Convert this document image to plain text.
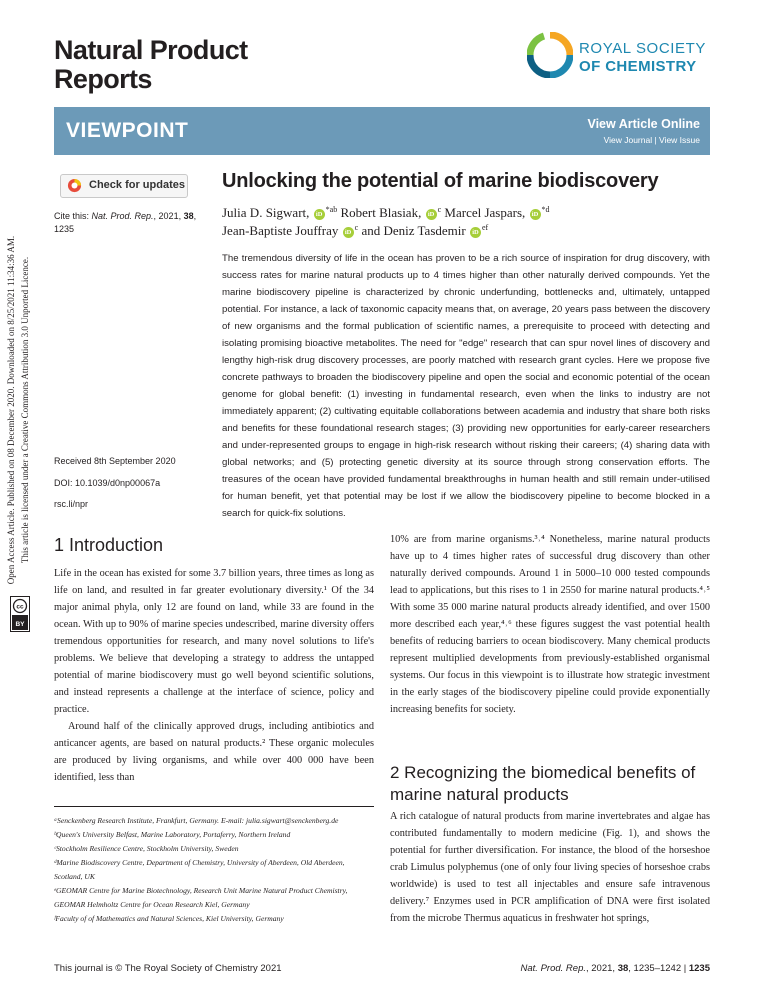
Natural Product
Reports
ROYAL SOCIETY
OF CHEMISTRY
VIEWPOINT	View Article Online
View Journal | View Issue
Open Access Article. Published on 08 December 2020. Downloaded on 8/25/2021 11:34:36 AM. This article is licensed under a Creative Commons Attribution 3.0 Unported Licence.
cc
BY
Check for updates Unlocking the potential of marine biodiscovery
Cite this: Nat. Prod. Rep., 2021, 38, 1235
Julia D. Sigwart, $iD^{*ab}$ Robert Blasiak, $iD^c$ Marcel Jaspars, $iD^{*d}$
Jean-Baptiste Jouffray $iD^c$ and Deniz Tasdemir $iD^{ef}$
The tremendous diversity of life in the ocean has proven to be a rich source of inspiration for drug discovery, with success rates for marine natural products up to 4 times higher than other naturally derived compounds. Yet the marine biodiscovery pipeline is characterized by chronic underfunding, bottlenecks and, ultimately, untapped potential. For instance, a lack of taxonomic capacity means that, on average, 20 years pass between the discovery of new organisms and the formal publication of scientific names, a prerequisite to proceed with detecting and isolating promising bioactive metabolites. The need for "edge" research that can spur novel lines of discovery and lengthy high-risk drug discovery processes, are poorly matched with research grant cycles. Here we propose five concrete pathways to broaden the biodiscovery pipeline and open the social and economic potential of the ocean genome for global benefit: (1) investing in fundamental research, even when the links to industry are not immediately apparent; (2) cultivating equitable collaborations between academia and industry that share both risks and benefits for these foundational research stages; (3) providing new opportunities for early-career researchers and under-represented groups to engage in high-risk research without risking their careers; (4) sharing data with global networks; and (5) protecting genetic diversity at its source through strong conservation efforts. The treasures of the ocean have provided fundamental breakthroughs in human health and still remain under-utilised for human benefit, yet that potential may be lost if we allow the biodiscovery pipeline to become blocked in a search for quick-fix solutions.
Received 8th September 2020
DOI: 10.1039/d0np00067a
rsc.li/npr
1 Introduction

Life in the ocean has existed for some 3.7 billion years, three times as long as life on land, and resulted in far greater evolutionary diversity.¹ Of the 34 major animal phyla, only 12 are found on land, while 33 are found in the ocean. With up to 90% of marine species undescribed, marine diversity offers tremendous opportunities for research, and many novel solutions to life's problems. We believe that developing a strategy to address the untapped potential of marine biodiscovery must go well beyond scientific solutions, and instead represents a challenge at the interface of science, policy and practice.

Around half of the clinically approved drugs, including antibiotics and anticancer agents, are based on natural products.² These organic molecules are produced by living organisms, and while over 400 000 have been identified, less than

10% are from marine organisms.³˒⁴ Nonetheless, marine natural products have up to 4 times higher rates of successful drug discovery than other naturally derived compounds. Around 1 in 5000–10 000 tested compounds lead to applications, but this rises to 1 in 2550 for marine natural products.⁴˒⁵ With some 35 000 marine natural products already identified, and over 1500 more described each year,⁴˒⁶ these figures suggest the vast potential health benefits of reducing barriers to ocean biodiscovery. Many chemical products represent multiplied developments from previously-established organismal systems. Our focus in this viewpoint is to illustrate how strategic investment in the early stages of the biodiscovery pipeline could provide exponentially increasing benefits for society.

2 Recognizing the biomedical benefits of marine natural products

A rich catalogue of natural products from marine invertebrates and algae has contributed fundamentally to modern medicine (Fig. 1), and shows the potential for further diversification. For instance, the blood of the horseshoe crab Limulus polyphemus (one of only four living species of horseshoe crabs worldwide) is used to test all injectables and ensure safe intravenous delivery.⁷ Enzymes used in PCR amplification of DNA were first isolated from the microbe Thermus aquaticus in freshwater hot springs,

ᵃSenckenberg Research Institute, Frankfurt, Germany. E-mail: julia.sigwart@senckenberg.de
ᵇQueen's University Belfast, Marine Laboratory, Portaferry, Northern Ireland
ᶜStockholm Resilience Centre, Stockholm University, Sweden
ᵈMarine Biodiscovery Centre, Department of Chemistry, University of Aberdeen, Old Aberdeen, Scotland, UK
ᵉGEOMAR Centre for Marine Biotechnology, Research Unit Marine Natural Product Chemistry, GEOMAR Helmholtz Centre for Ocean Research Kiel, Germany
ᶠFaculty of of Mathematics and Natural Sciences, Kiel University, Germany
This journal is © The Royal Society of Chemistry 2021	Nat. Prod. Rep., 2021, 38, 1235–1242 | 1235
